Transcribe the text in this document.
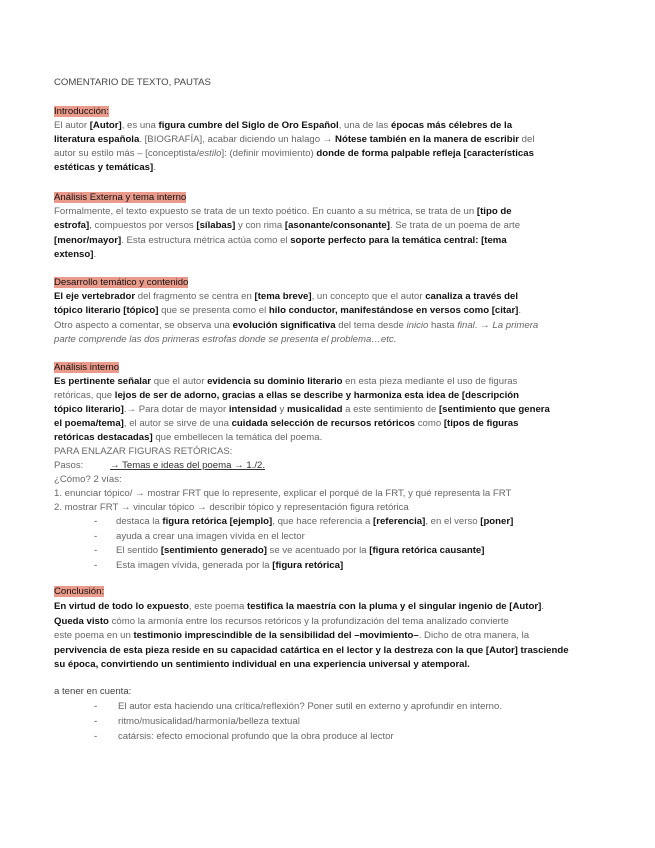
COMENTARIO DE TEXTO, PAUTAS
Introducción:
El autor [Autor], es una figura cumbre del Siglo de Oro Español, una de las épocas más célebres de la
literatura española. [BIOGRAFÍA], acabar diciendo un halago → Nótese también en la manera de escribir del
autor su estilo más – [conceptista/estilo]: (definir movimiento) donde de forma palpable refleja [características
estéticas y temáticas].
Análisis Externa y tema interno
Formalmente, el texto expuesto se trata de un texto poético. En cuanto a su métrica, se trata de un [tipo de
estrofa], compuestos por versos [sílabas] y con rima [asonante/consonante]. Se trata de un poema de arte
[menor/mayor]. Esta estructura métrica actúa como el soporte perfecto para la temática central: [tema
extenso].
Desarrollo temático y contenido
El eje vertebrador del fragmento se centra en [tema breve], un concepto que el autor canaliza a través del
tópico literario [tópico] que se presenta como el hilo conductor, manifestándose en versos como [citar].
Otro aspecto a comentar, se observa una evolución significativa del tema desde inicio hasta final. → La primera
parte comprende las dos primeras estrofas donde se presenta el problema…etc.
Análisis interno
Es pertinente señalar que el autor evidencia su dominio literario en esta pieza mediante el uso de figuras
retóricas, que lejos de ser de adorno, gracias a ellas se describe y harmoniza esta idea de [descripción
tópico literario].→ Para dotar de mayor intensidad y musicalidad a este sentimiento de [sentimiento que genera
el poema/tema], el autor se sirve de una cuidada selección de recursos retóricos como [tipos de figuras
retóricas destacadas] que embellecen la temática del poema.
PARA ENLAZAR FIGURAS RETÓRICAS:
Pasos:	→ Temas e ideas del poema → 1./2.
¿Cómo? 2 vías:
1. enunciar tópico/ → mostrar FRT que lo represente, explicar el porqué de la FRT, y qué representa la FRT
2. mostrar FRT → vincular tópico → describir tópico y representación figura retórica
- destaca la figura retórica [ejemplo], que hace referencia a [referencia], en el verso [poner]
- ayuda a crear una imagen vívida en el lector
- El sentido [sentimiento generado] se ve acentuado por la [figura retórica causante]
- Esta imagen vívida, generada por la [figura retórica]
Conclusión:
En virtud de todo lo expuesto, este poema testifica la maestría con la pluma y el singular ingenio de [Autor].
Queda visto cómo la armonía entre los recursos retóricos y la profundización del tema analizado convierte
este poema en un testimonio imprescindible de la sensibilidad del –movimiento–. Dicho de otra manera, la
pervivencia de esta pieza reside en su capacidad catártica en el lector y la destreza con la que [Autor] trasciende
su época, convirtiendo un sentimiento individual en una experiencia universal y atemporal.
a tener en cuenta:
- El autor esta haciendo una crítica/reflexión? Poner sutil en externo y aprofundir en interno.
- ritmo/musicalidad/harmonía/belleza textual
- catársis: efecto emocional profundo que la obra produce al lector
